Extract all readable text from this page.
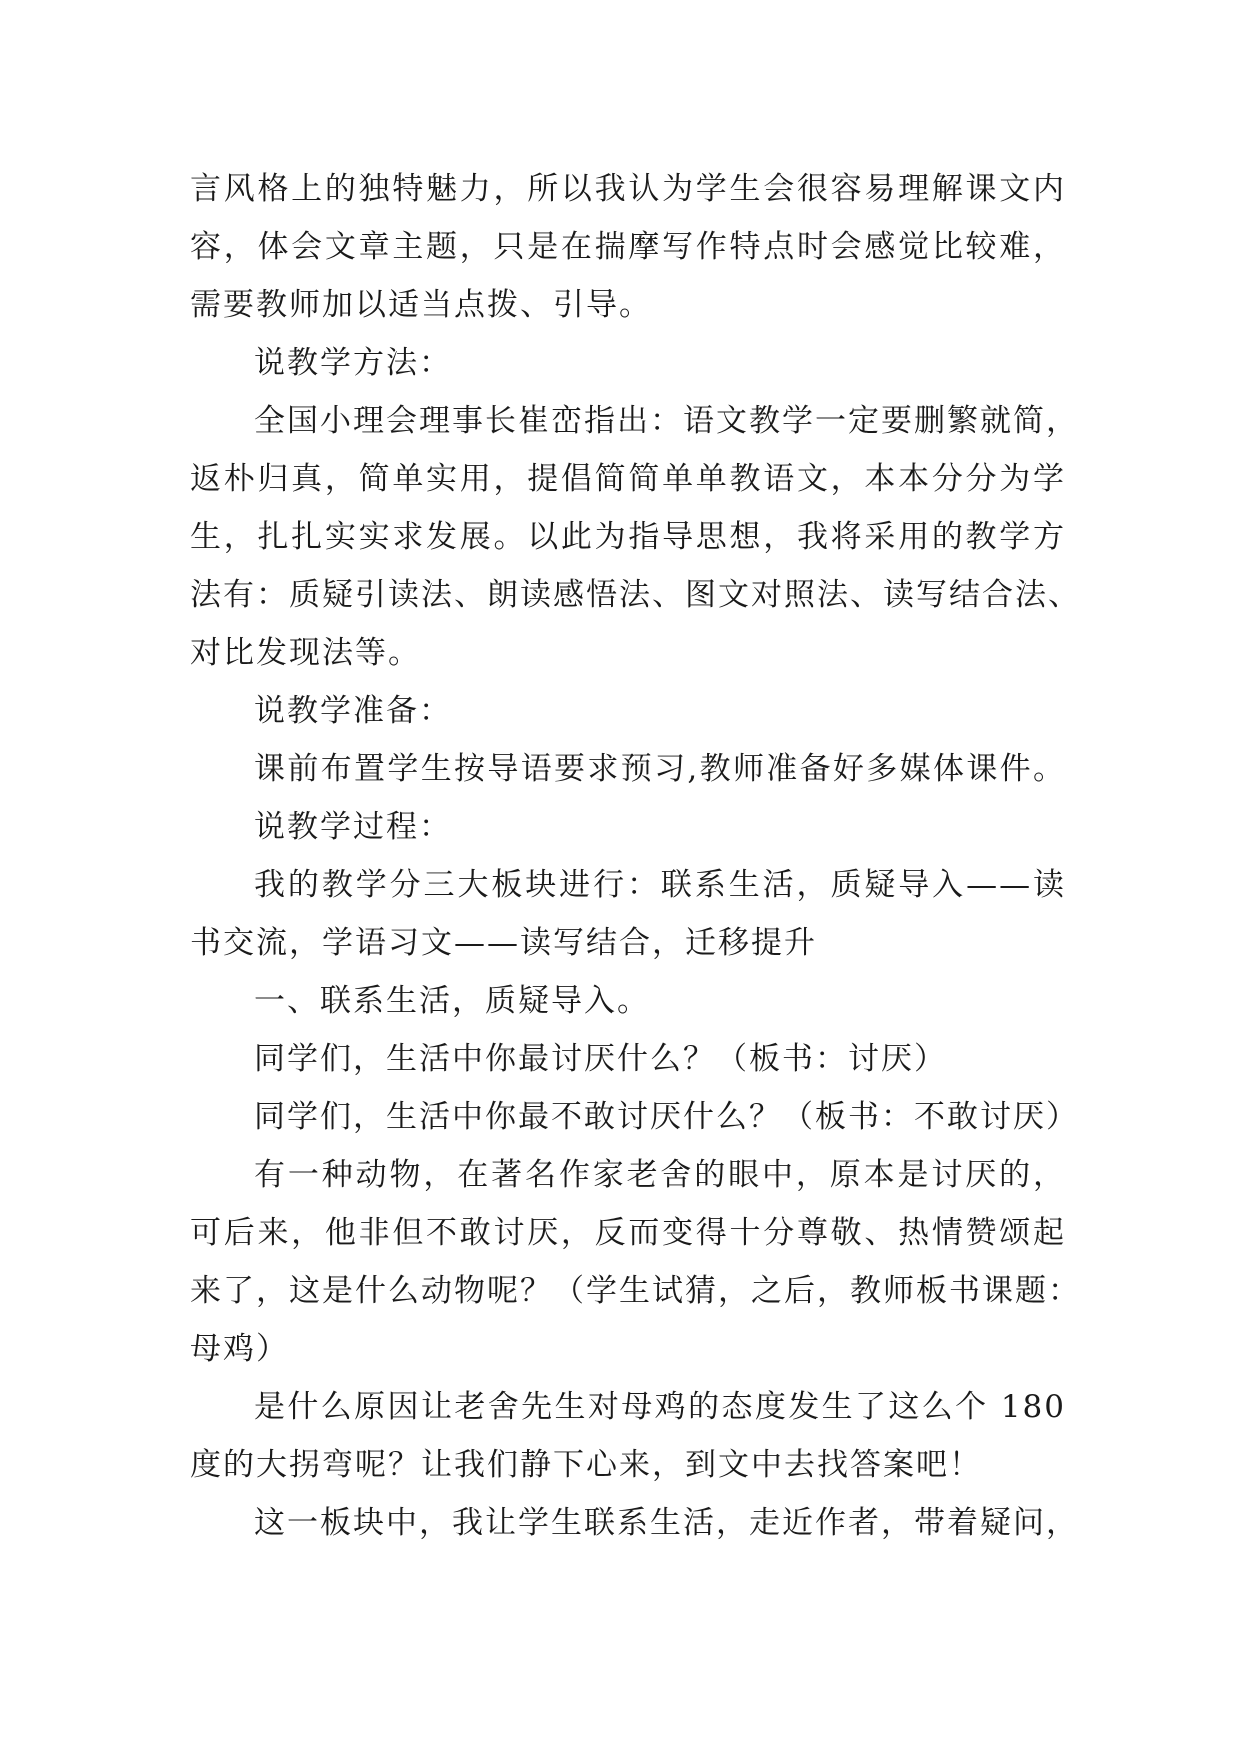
言风格上的独特魅力，所以我认为学生会很容易理解课文内
容，体会文章主题，只是在揣摩写作特点时会感觉比较难，
需要教师加以适当点拨、引导。
说教学方法：
全国小理会理事长崔峦指出：语文教学一定要删繁就简，
返朴归真，简单实用，提倡简简单单教语文，本本分分为学
生，扎扎实实求发展。以此为指导思想，我将采用的教学方
法有：质疑引读法、朗读感悟法、图文对照法、读写结合法、
对比发现法等。
说教学准备：
课前布置学生按导语要求预习,教师准备好多媒体课件。
说教学过程：
我的教学分三大板块进行：联系生活，质疑导入——读
书交流，学语习文——读写结合，迁移提升
一、联系生活，质疑导入。
同学们，生活中你最讨厌什么？（板书：讨厌）
同学们，生活中你最不敢讨厌什么？（板书：不敢讨厌）
有一种动物，在著名作家老舍的眼中，原本是讨厌的，
可后来，他非但不敢讨厌，反而变得十分尊敬、热情赞颂起
来了，这是什么动物呢？（学生试猜，之后，教师板书课题：
母鸡）
是什么原因让老舍先生对母鸡的态度发生了这么个 180
度的大拐弯呢？让我们静下心来，到文中去找答案吧！
这一板块中，我让学生联系生活，走近作者，带着疑问，
